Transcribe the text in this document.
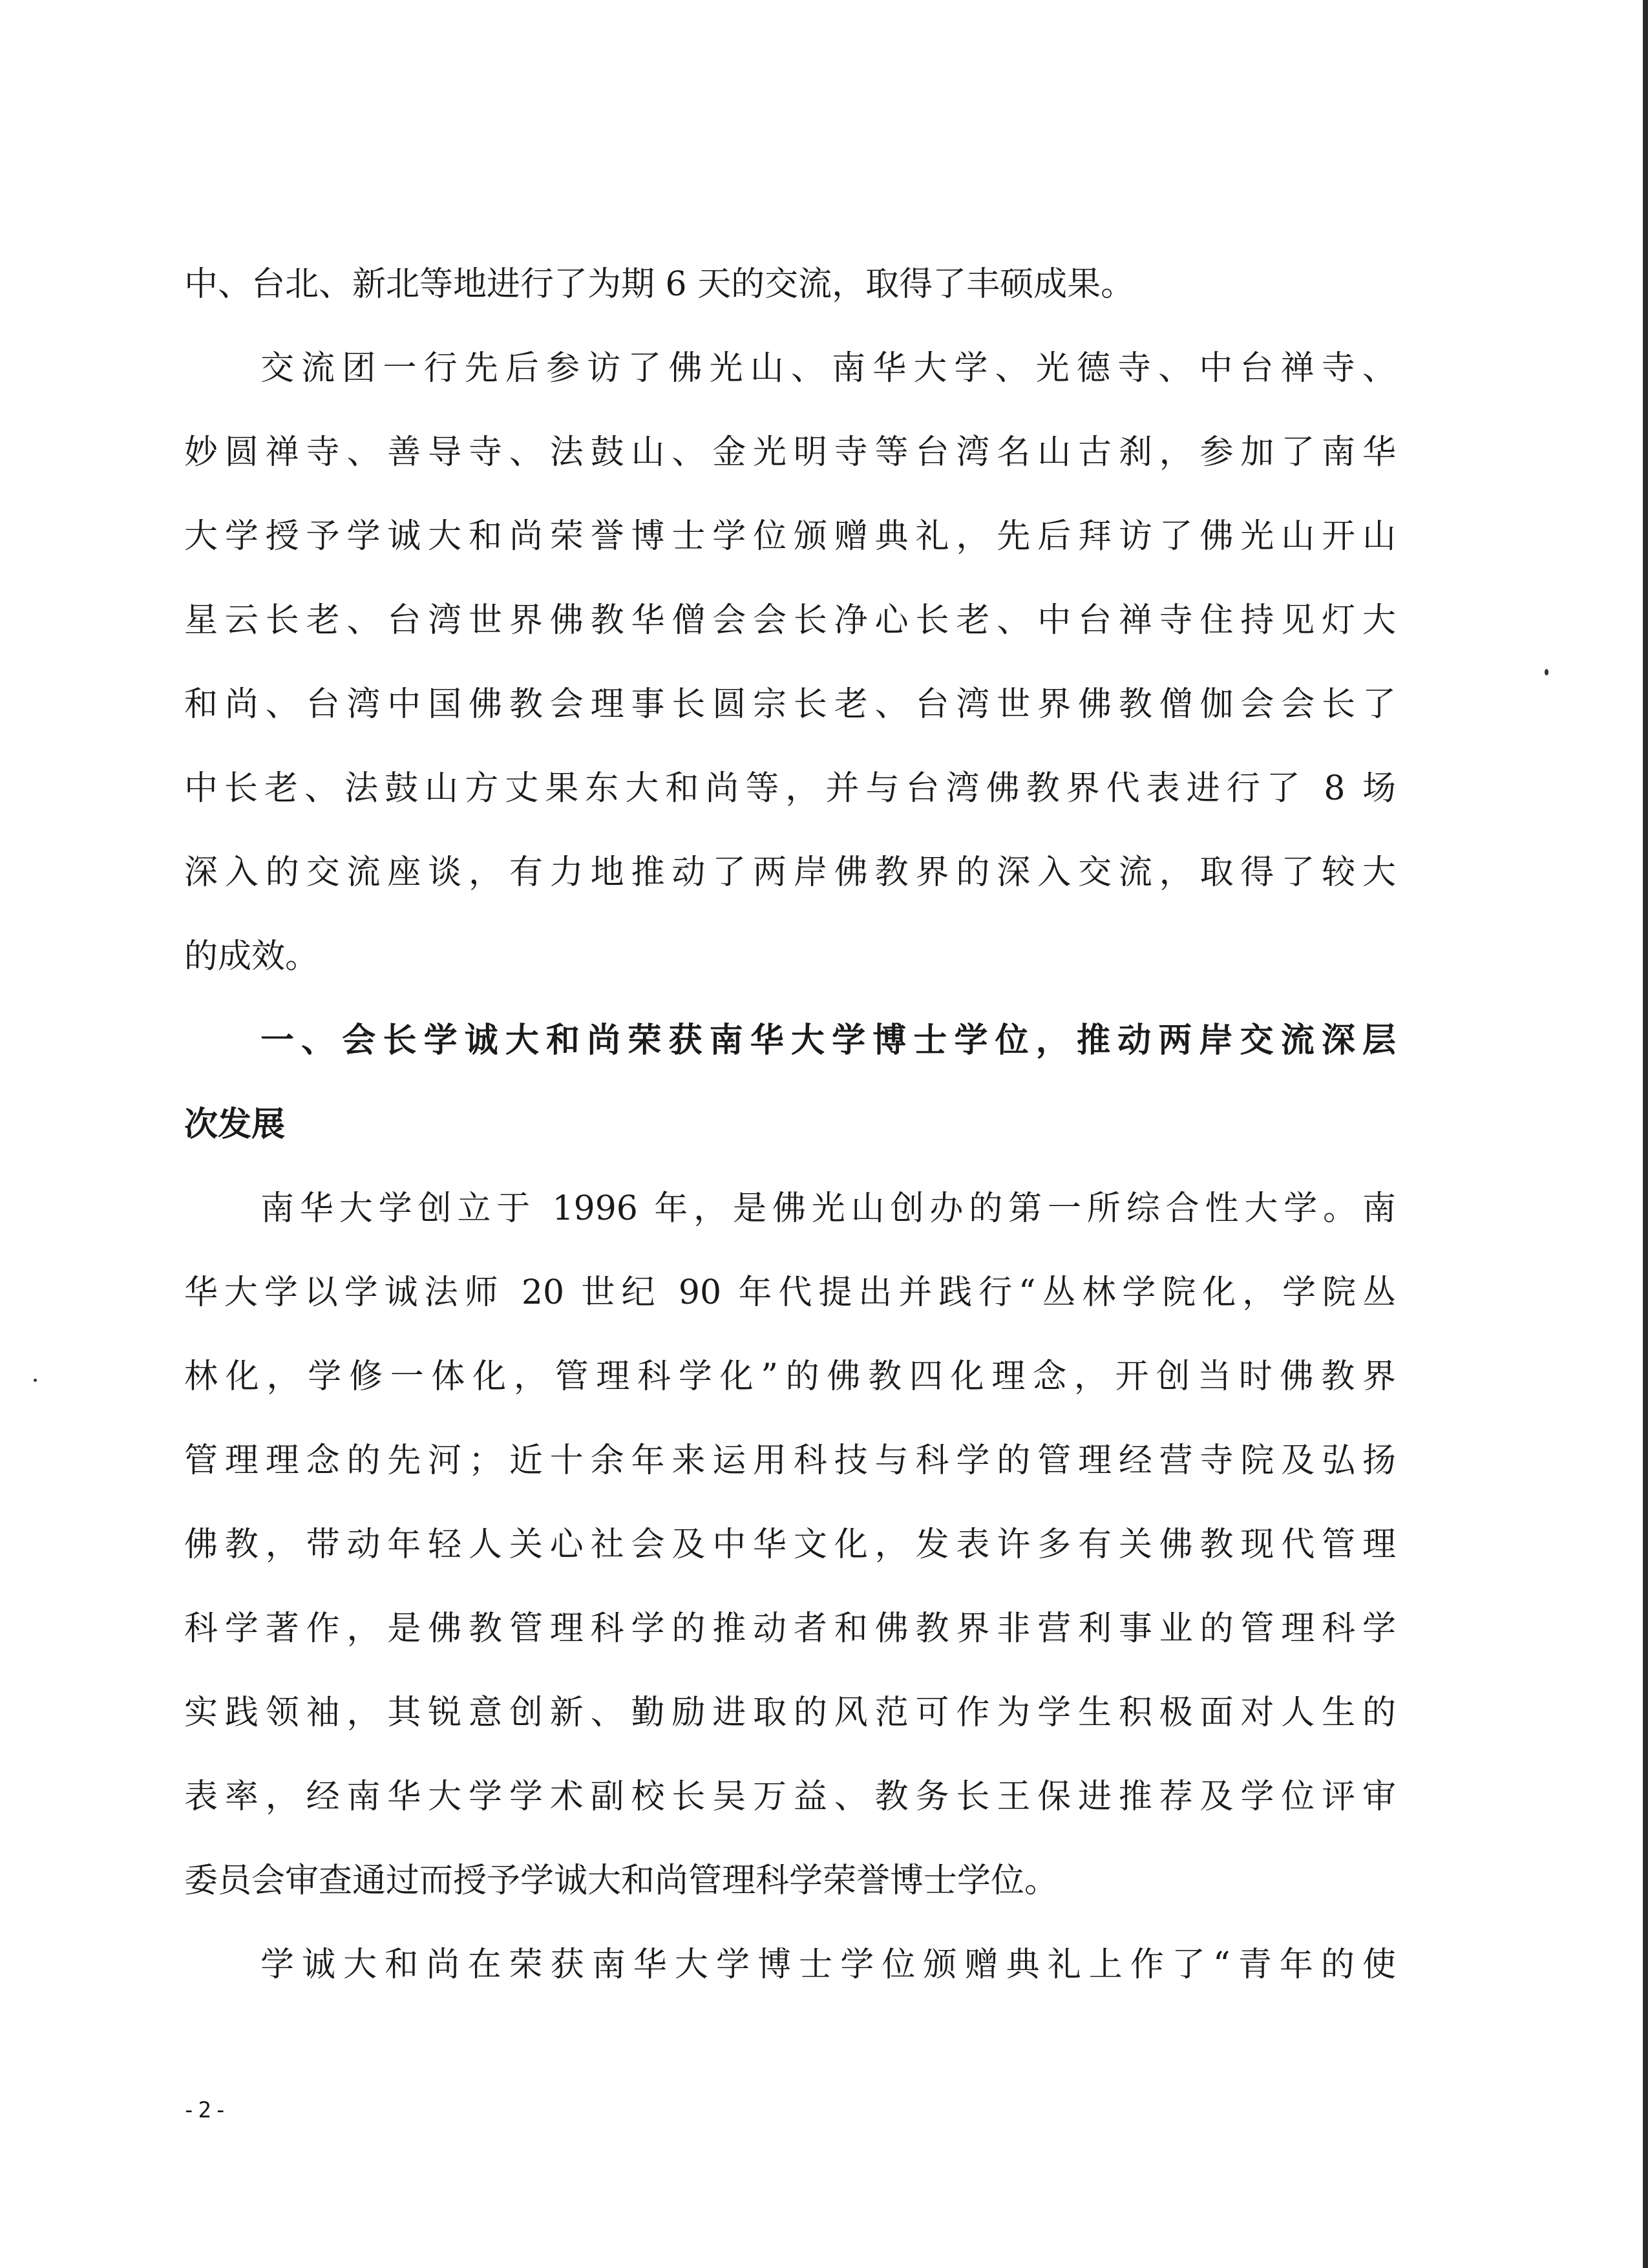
中、台北、新北等地进行了为期 6 天的交流，取得了丰硕成果。
交流团一行先后参访了佛光山、南华大学、光德寺、中台禅寺、
妙圆禅寺、善导寺、法鼓山、金光明寺等台湾名山古刹，参加了南华
大学授予学诚大和尚荣誉博士学位颁赠典礼，先后拜访了佛光山开山
星云长老、台湾世界佛教华僧会会长净心长老、中台禅寺住持见灯大
和尚、台湾中国佛教会理事长圆宗长老、台湾世界佛教僧伽会会长了
中长老、法鼓山方丈果东大和尚等，并与台湾佛教界代表进行了 8 场
深入的交流座谈，有力地推动了两岸佛教界的深入交流，取得了较大
的成效。
一、会长学诚大和尚荣获南华大学博士学位，推动两岸交流深层
次发展
南华大学创立于 1996 年，是佛光山创办的第一所综合性大学。南
华大学以学诚法师 20 世纪 90 年代提出并践行“丛林学院化，学院丛
林化，学修一体化，管理科学化”的佛教四化理念，开创当时佛教界
管理理念的先河；近十余年来运用科技与科学的管理经营寺院及弘扬
佛教，带动年轻人关心社会及中华文化，发表许多有关佛教现代管理
科学著作，是佛教管理科学的推动者和佛教界非营利事业的管理科学
实践领袖，其锐意创新、勤励进取的风范可作为学生积极面对人生的
表率，经南华大学学术副校长吴万益、教务长王保进推荐及学位评审
委员会审查通过而授予学诚大和尚管理科学荣誉博士学位。
学诚大和尚在荣获南华大学博士学位颁赠典礼上作了“青年的使
-2-
